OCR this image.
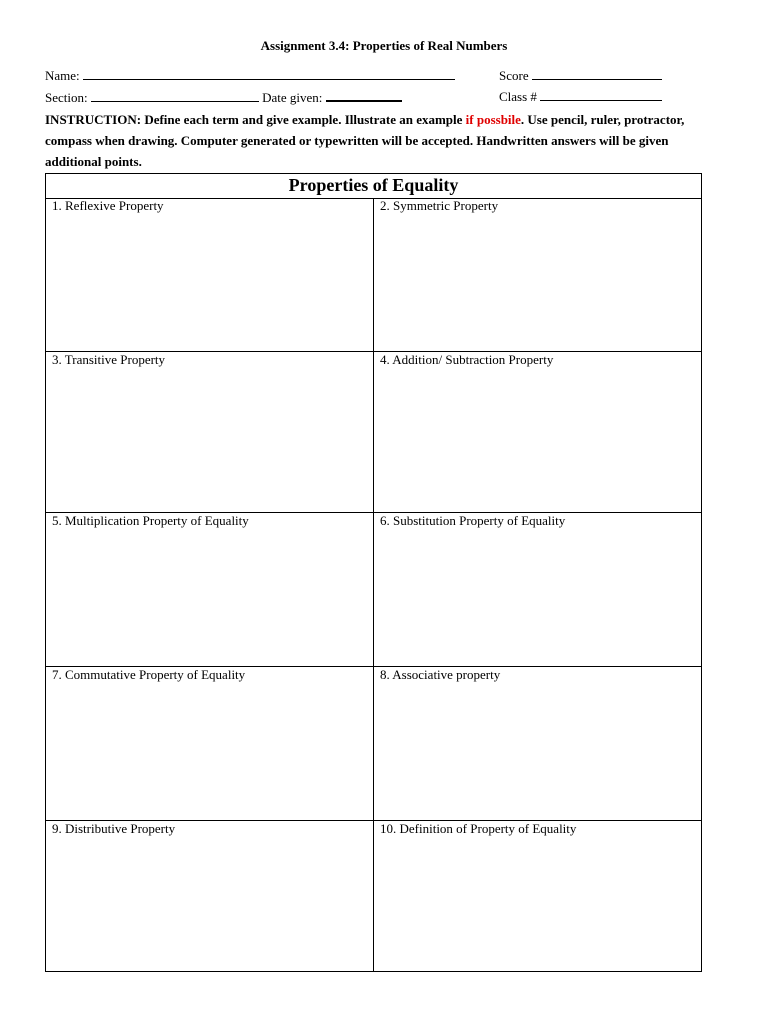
Assignment 3.4: Properties of Real Numbers
Name:	Score
Section:	Date given:	Class #
INSTRUCTION: Define each term and give example. Illustrate an example if possbile. Use pencil, ruler, protractor, compass when drawing. Computer generated or typewritten will be accepted. Handwritten answers will be given additional points.
Properties of Equality
1. Reflexive Property	2. Symmetric Property
3. Transitive Property	4. Addition/ Subtraction Property
5. Multiplication Property of Equality	6. Substitution Property of Equality
7. Commutative Property of Equality	8. Associative property
9. Distributive Property	10. Definition of Property of Equality
